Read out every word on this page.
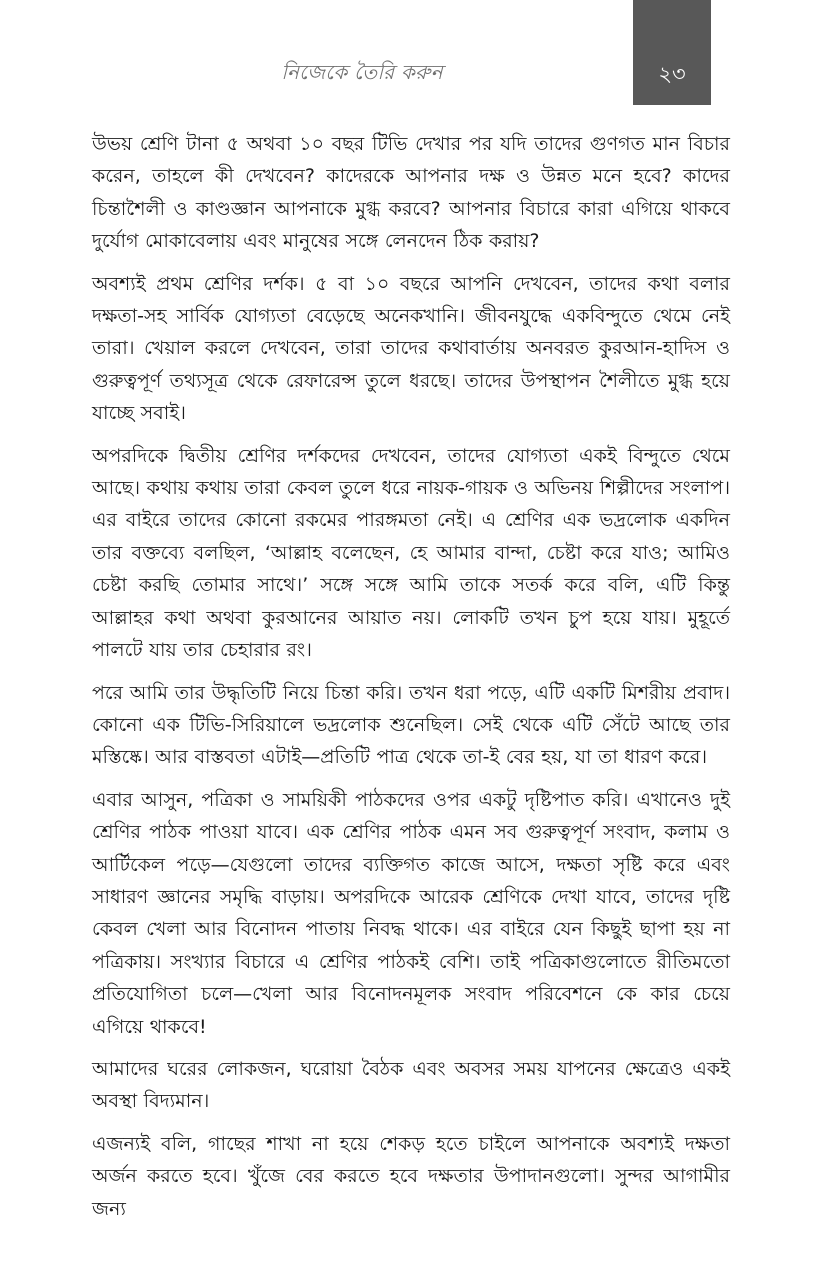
নিজেকে তৈরি করুন	২৩

উভয় শ্রেণি টানা ৫ অথবা ১০ বছর টিভি দেখার পর যদি তাদের গুণগত মান বিচার করেন, তাহলে কী দেখবেন? কাদেরকে আপনার দক্ষ ও উন্নত মনে হবে? কাদের চিন্তাশৈলী ও কাণ্ডজ্ঞান আপনাকে মুগ্ধ করবে? আপনার বিচারে কারা এগিয়ে থাকবে দুর্যোগ মোকাবেলায় এবং মানুষের সঙ্গে লেনদেন ঠিক করায়?

অবশ্যই প্রথম শ্রেণির দর্শক। ৫ বা ১০ বছরে আপনি দেখবেন, তাদের কথা বলার দক্ষতা-সহ সার্বিক যোগ্যতা বেড়েছে অনেকখানি। জীবনযুদ্ধে একবিন্দুতে থেমে নেই তারা। খেয়াল করলে দেখবেন, তারা তাদের কথাবার্তায় অনবরত কুরআন-হাদিস ও গুরুত্বপূর্ণ তথ্যসূত্র থেকে রেফারেন্স তুলে ধরছে। তাদের উপস্থাপন শৈলীতে মুগ্ধ হয়ে যাচ্ছে সবাই।

অপরদিকে দ্বিতীয় শ্রেণির দর্শকদের দেখবেন, তাদের যোগ্যতা একই বিন্দুতে থেমে আছে। কথায় কথায় তারা কেবল তুলে ধরে নায়ক-গায়ক ও অভিনয় শিল্পীদের সংলাপ। এর বাইরে তাদের কোনো রকমের পারঙ্গমতা নেই। এ শ্রেণির এক ভদ্রলোক একদিন তার বক্তব্যে বলছিল, ‘আল্লাহ বলেছেন, হে আমার বান্দা, চেষ্টা করে যাও; আমিও চেষ্টা করছি তোমার সাথে।’ সঙ্গে সঙ্গে আমি তাকে সতর্ক করে বলি, এটি কিন্তু আল্লাহর কথা অথবা কুরআনের আয়াত নয়। লোকটি তখন চুপ হয়ে যায়। মুহূর্তে পালটে যায় তার চেহারার রং।

পরে আমি তার উদ্ধৃতিটি নিয়ে চিন্তা করি। তখন ধরা পড়ে, এটি একটি মিশরীয় প্রবাদ। কোনো এক টিভি-সিরিয়ালে ভদ্রলোক শুনেছিল। সেই থেকে এটি সেঁটে আছে তার মস্তিষ্কে। আর বাস্তবতা এটাই—প্রতিটি পাত্র থেকে তা-ই বের হয়, যা তা ধারণ করে।

এবার আসুন, পত্রিকা ও সাময়িকী পাঠকদের ওপর একটু দৃষ্টিপাত করি। এখানেও দুই শ্রেণির পাঠক পাওয়া যাবে। এক শ্রেণির পাঠক এমন সব গুরুত্বপূর্ণ সংবাদ, কলাম ও আর্টিকেল পড়ে—যেগুলো তাদের ব্যক্তিগত কাজে আসে, দক্ষতা সৃষ্টি করে এবং সাধারণ জ্ঞানের সমৃদ্ধি বাড়ায়। অপরদিকে আরেক শ্রেণিকে দেখা যাবে, তাদের দৃষ্টি কেবল খেলা আর বিনোদন পাতায় নিবদ্ধ থাকে। এর বাইরে যেন কিছুই ছাপা হয় না পত্রিকায়। সংখ্যার বিচারে এ শ্রেণির পাঠকই বেশি। তাই পত্রিকাগুলোতে রীতিমতো প্রতিযোগিতা চলে—খেলা আর বিনোদনমূলক সংবাদ পরিবেশনে কে কার চেয়ে এগিয়ে থাকবে!

আমাদের ঘরের লোকজন, ঘরোয়া বৈঠক এবং অবসর সময় যাপনের ক্ষেত্রেও একই অবস্থা বিদ্যমান।

এজন্যই বলি, গাছের শাখা না হয়ে শেকড় হতে চাইলে আপনাকে অবশ্যই দক্ষতা অর্জন করতে হবে। খুঁজে বের করতে হবে দক্ষতার উপাদানগুলো। সুন্দর আগামীর জন্য
